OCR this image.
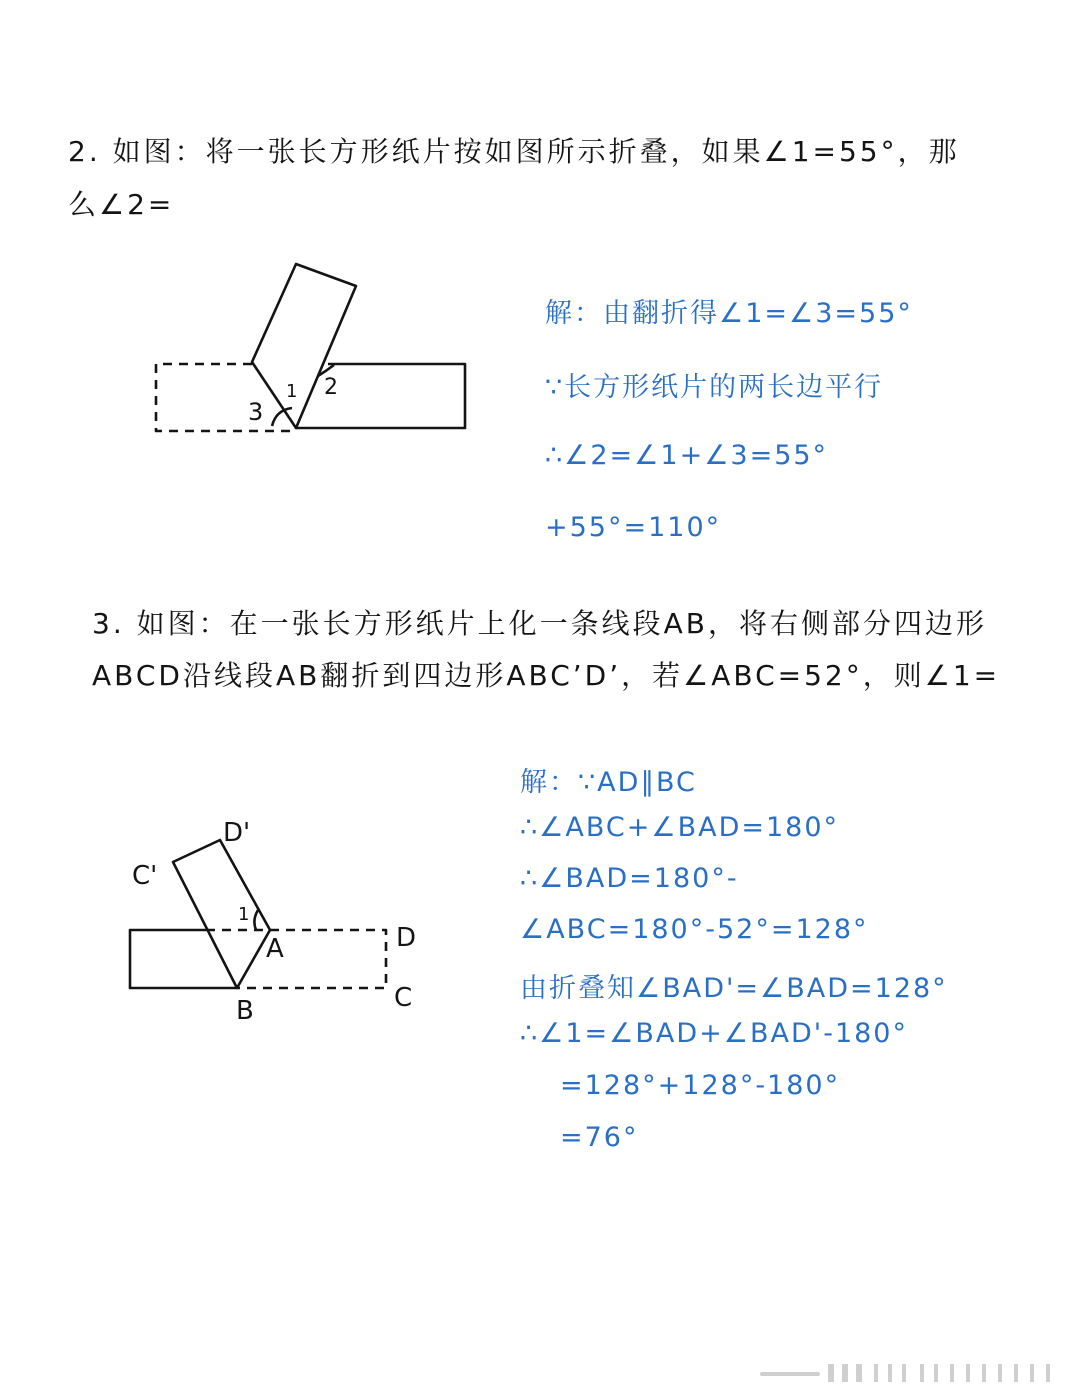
2. 如图：将一张长方形纸片按如图所示折叠，如果∠1=55°，那
么∠2=
1 2
3
解：由翻折得∠1=∠3=55°
∵长方形纸片的两长边平行
∴∠2=∠1+∠3=55°
+55°=110°
3. 如图：在一张长方形纸片上化一条线段AB，将右侧部分四边形
ABCD沿线段AB翻折到四边形ABC’D’，若∠ABC=52°，则∠1=
C'
D'
1
A
B	C
D
解：∵AD∥BC
∴∠ABC+∠BAD=180°
∴∠BAD=180°-
∠ABC=180°-52°=128°
由折叠知∠BAD'=∠BAD=128°
∴∠1=∠BAD+∠BAD'-180°
=128°+128°-180°
=76°
